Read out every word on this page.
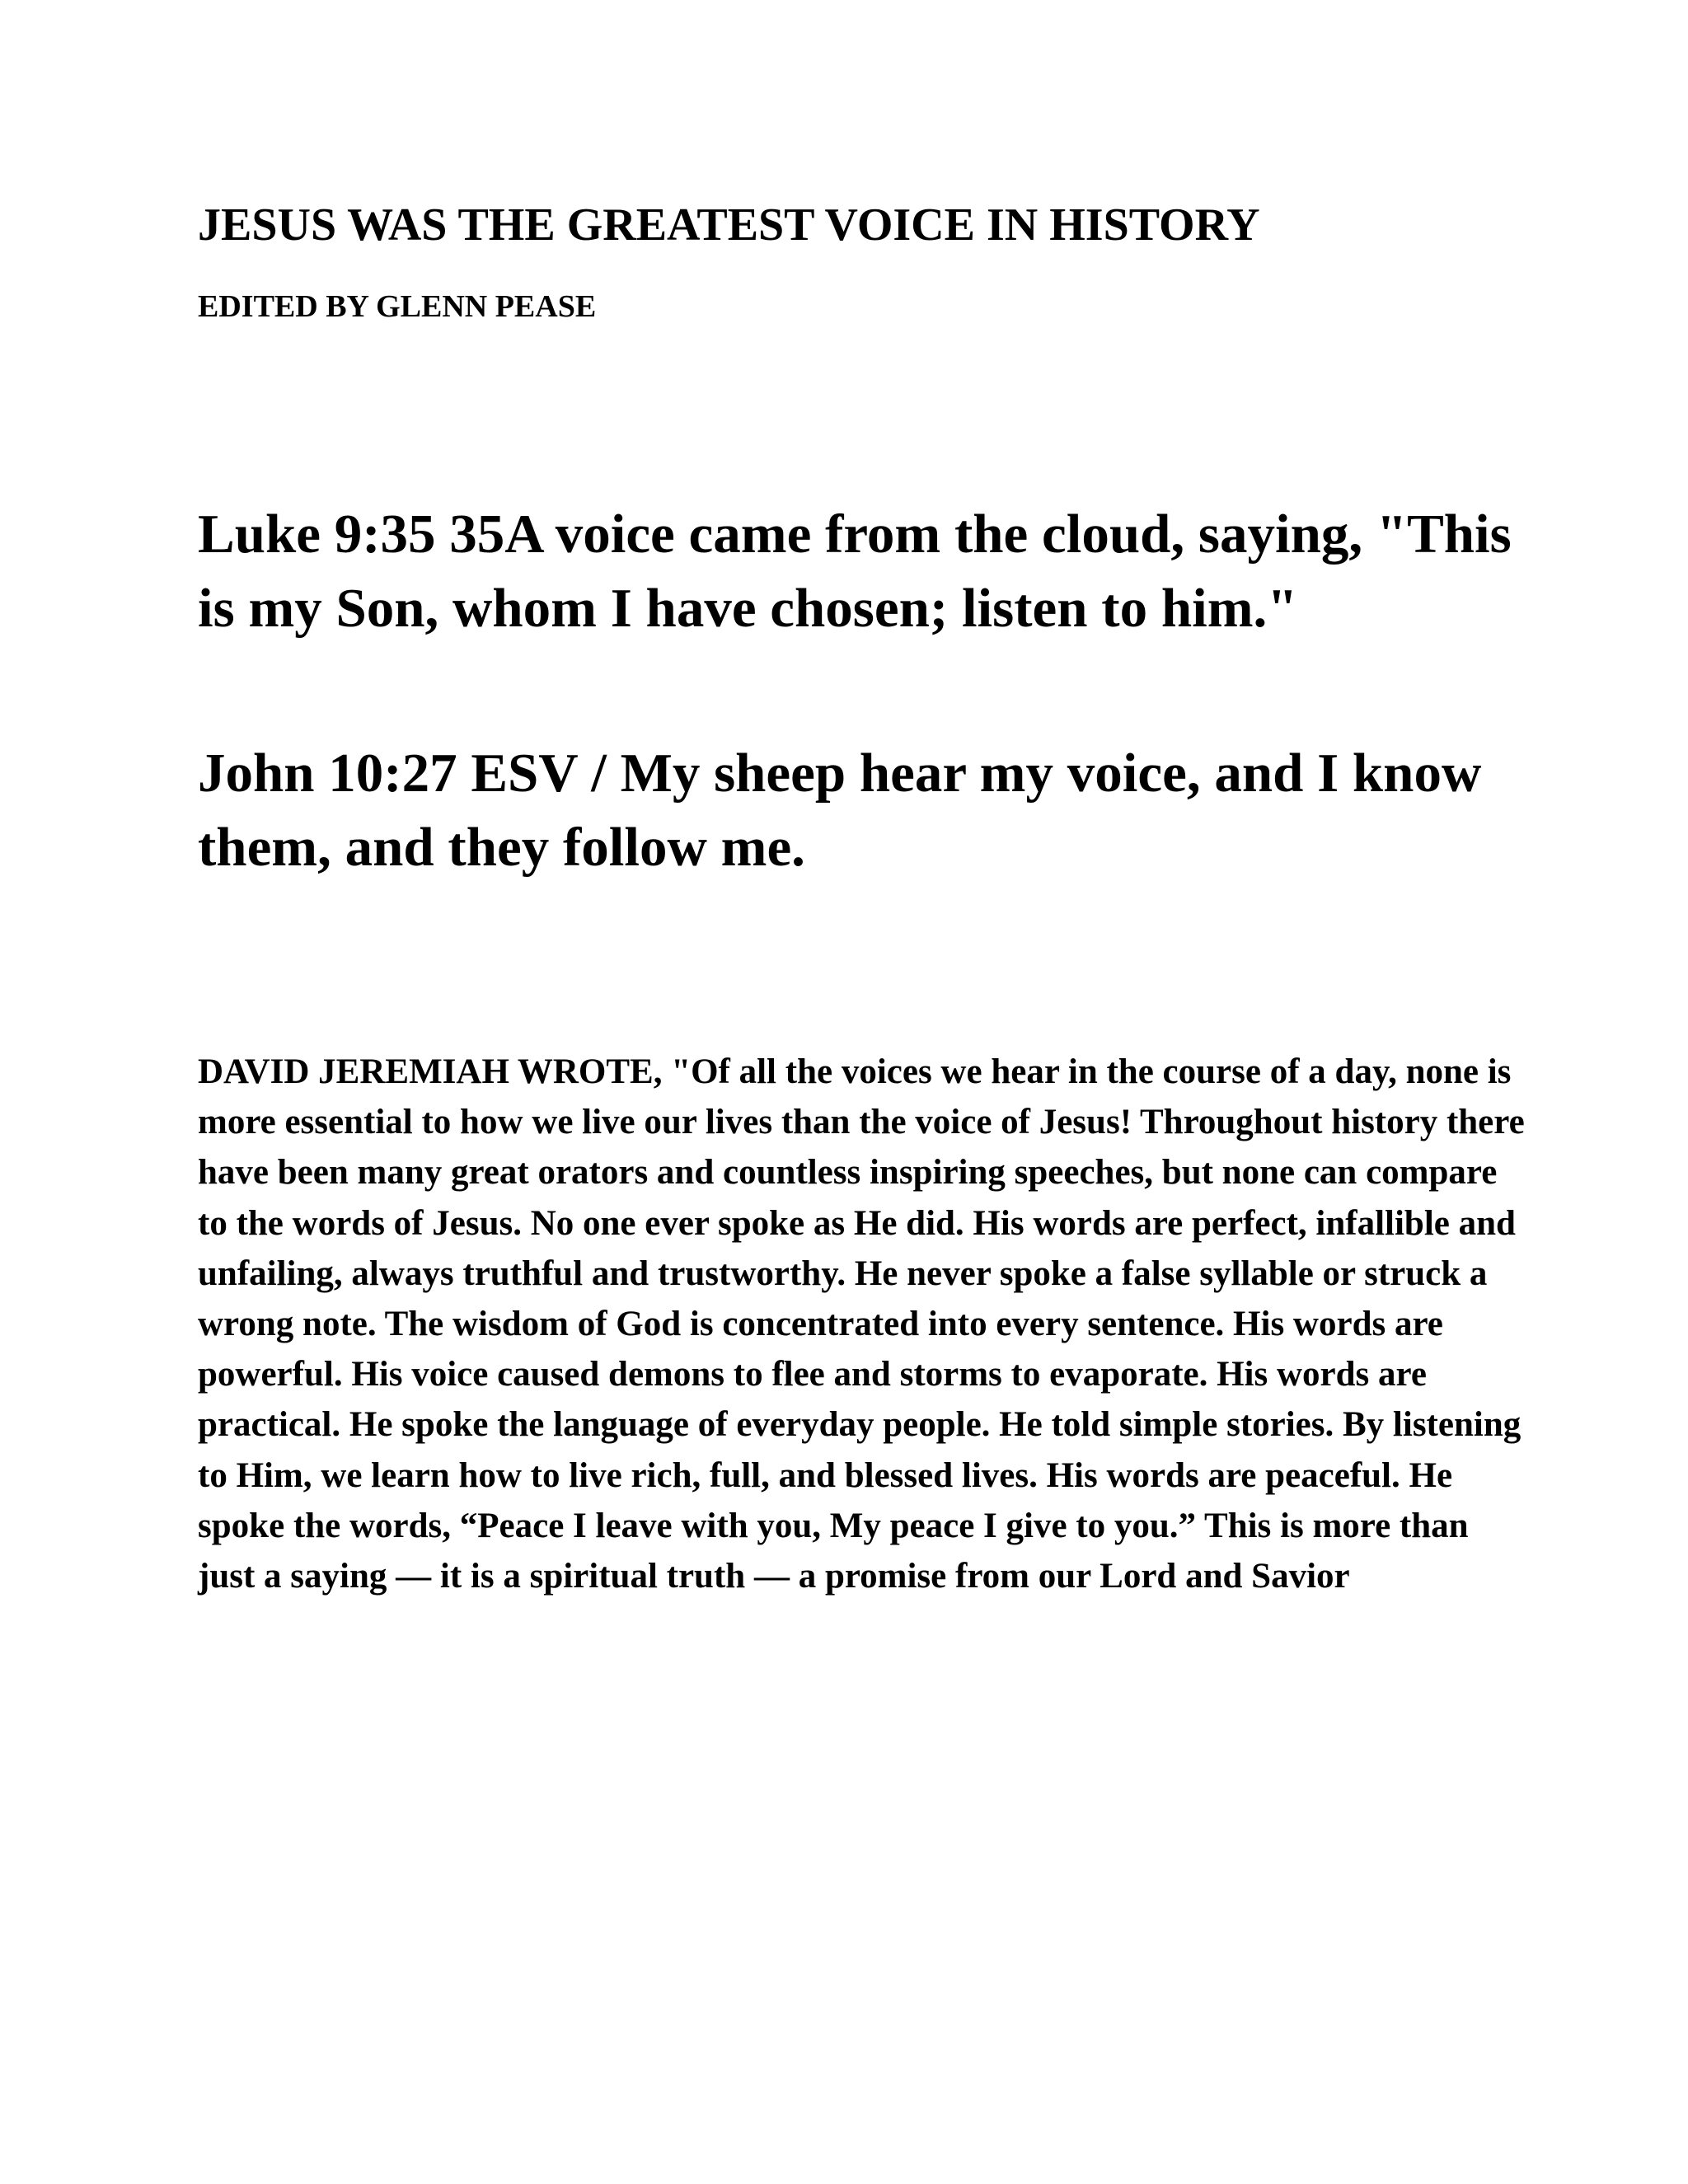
JESUS WAS THE GREATEST VOICE IN HISTORY
EDITED BY GLENN PEASE

Luke 9:35 35A voice came from the cloud, saying, "This is my Son, whom I have chosen; listen to him."

John 10:27 ESV / My sheep hear my voice, and I know them, and they follow me.

DAVID JEREMIAH WROTE, "Of all the voices we hear in the course of a day, none is more essential to how we live our lives than the voice of Jesus! Throughout history there have been many great orators and countless inspiring speeches, but none can compare to the words of Jesus. No one ever spoke as He did. His words are perfect, infallible and unfailing, always truthful and trustworthy. He never spoke a false syllable or struck a wrong note. The wisdom of God is concentrated into every sentence. His words are powerful. His voice caused demons to flee and storms to evaporate. His words are practical. He spoke the language of everyday people. He told simple stories. By listening to Him, we learn how to live rich, full, and blessed lives. His words are peaceful. He spoke the words, “Peace I leave with you, My peace I give to you.” This is more than just a saying — it is a spiritual truth — a promise from our Lord and Savior
